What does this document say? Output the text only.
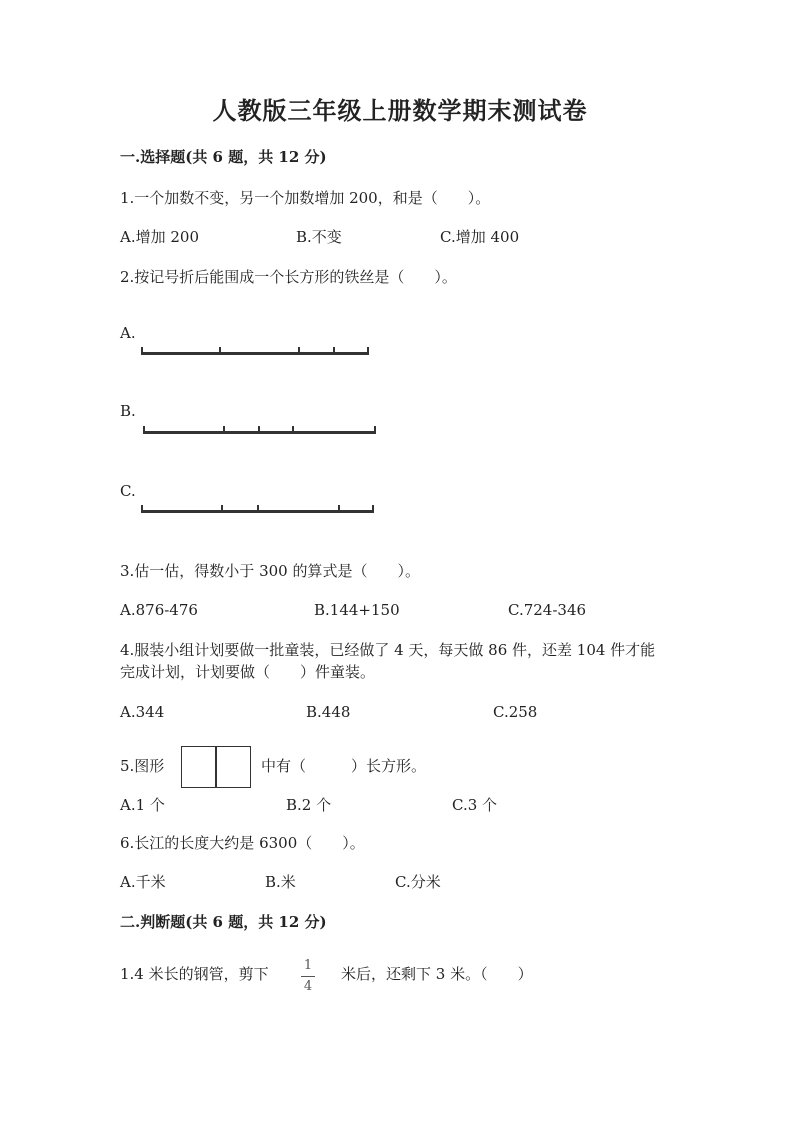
人教版三年级上册数学期末测试卷
一.选择题(共 6 题，共 12 分)
1.一个加数不变，另一个加数增加 200，和是（　　）。
A.增加 200	B.不变	C.增加 400
2.按记号折后能围成一个长方形的铁丝是（　　）。
A.
B.
C.
3.估一估，得数小于 300 的算式是（　　）。
A.876-476	B.144+150	C.724-346
4.服装小组计划要做一批童装，已经做了 4 天，每天做 86 件，还差 104 件才能
完成计划，计划要做（　　）件童装。
A.344	B.448	C.258
5.图形	中有（　　　）长方形。
A.1 个	B.2 个	C.3 个
6.长江的长度大约是 6300（　　）。
A.千米	B.米	C.分米
二.判断题(共 6 题，共 12 分)
1.4 米长的钢管，剪下	1
4
米后，还剩下 3 米。（　　）
